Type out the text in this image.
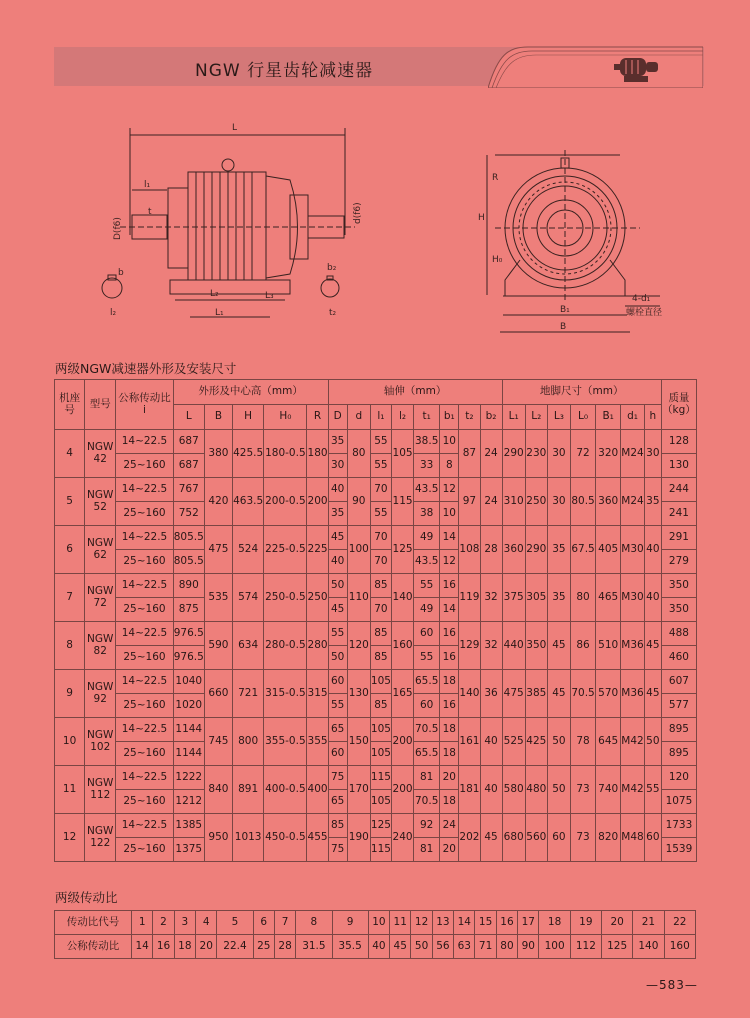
NGW 行星齿轮减速器
L
l₁
t
D(f6)
d(f6)
b	b₂
t₂
L₂
L₁
L₃
l₂
R
H
H₀
B₁
B
4-d₁
螺栓直径
两级NGW减速器外形及安装尺寸
机座号	型号	公称传动比
i	外形及中心高（mm）					轴伸（mm）								地脚尺寸（mm）							质量
（kg）
			L	B	H	H₀	R	D	d	l₁	l₂	t₁	b₁	t₂	b₂	L₁	L₂	L₃	L₀	B₁	d₁	h	
4	NGW 42	14~22.5	687	380	425.5	180-0.5	180	35	80	55	105	38.5	10	87	24	290	230	30	72	320	M24	30	128
		25~160	687					30		55		33	8										130
5	NGW 52	14~22.5	767	420	463.5	200-0.5	200	40	90	70	115	43.5	12	97	24	310	250	30	80.5	360	M24	35	244
		25~160	752					35		55		38	10										241
6	NGW 62	14~22.5	805.5	475	524	225-0.5	225	45	100	70	125	49	14	108	28	360	290	35	67.5	405	M30	40	291
		25~160	805.5					40		70		43.5	12										279
7	NGW 72	14~22.5	890	535	574	250-0.5	250	50	110	85	140	55	16	119	32	375	305	35	80	465	M30	40	350
		25~160	875					45		70		49	14										350
8	NGW 82	14~22.5	976.5	590	634	280-0.5	280	55	120	85	160	60	16	129	32	440	350	45	86	510	M36	45	488
		25~160	976.5					50		85		55	16										460
9	NGW 92	14~22.5	1040	660	721	315-0.5	315	60	130	105	165	65.5	18	140	36	475	385	45	70.5	570	M36	45	607
		25~160	1020					55		85		60	16										577
10	NGW 102	14~22.5	1144	745	800	355-0.5	355	65	150	105	200	70.5	18	161	40	525	425	50	78	645	M42	50	895
		25~160	1144					60		105		65.5	18										895
11	NGW 112	14~22.5	1222	840	891	400-0.5	400	75	170	115	200	81	20	181	40	580	480	50	73	740	M42	55	120
		25~160	1212					65		105		70.5	18										1075
12	NGW 122	14~22.5	1385	950	1013	450-0.5	455	85	190	125	240	92	24	202	45	680	560	60	73	820	M48	60	1733
		25~160	1375					75		115		81	20										1539
两级传动比
传动比代号	1	2	3	4	5	6	7	8	9	10	11	12	13	14	15	16	17	18	19	20	21	22
公称传动比	14	16	18	20	22.4	25	28	31.5	35.5	40	45	50	56	63	71	80	90	100	112	125	140	160
—583—
